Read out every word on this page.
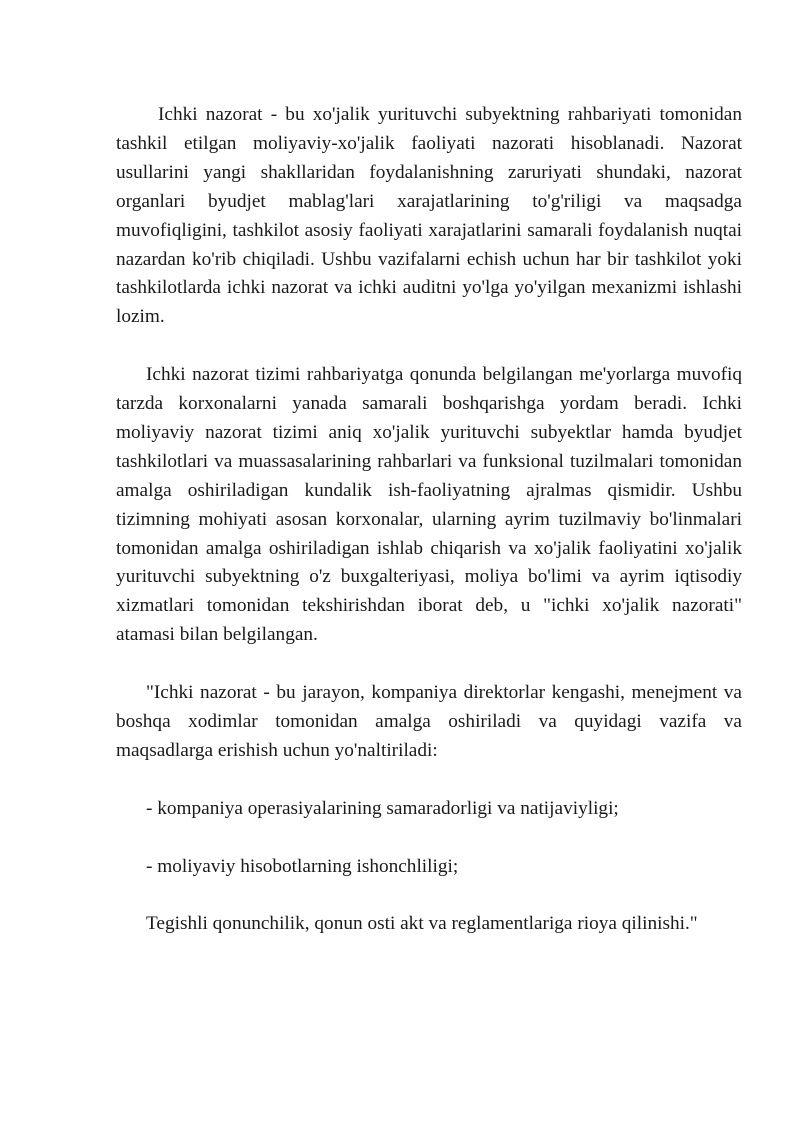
Ichki nazorat - bu xo'jalik yurituvchi subyektning rahbariyati tomonidan tashkil etilgan moliyaviy-xo'jalik faoliyati nazorati hisoblanadi. Nazorat usullarini yangi shakllaridan foydalanishning zaruriyati shundaki, nazorat organlari byudjet mablag'lari xarajatlarining to'g'riligi va maqsadga muvofiqligini, tashkilot asosiy faoliyati xarajatlarini samarali foydalanish nuqtai nazardan ko'rib chiqiladi. Ushbu vazifalarni echish uchun har bir tashkilot yoki tashkilotlarda ichki nazorat va ichki auditni yo'lga yo'yilgan mexanizmi ishlashi lozim.

Ichki nazorat tizimi rahbariyatga qonunda belgilangan me'yorlarga muvofiq tarzda korxonalarni yanada samarali boshqarishga yordam beradi. Ichki moliyaviy nazorat tizimi aniq xo'jalik yurituvchi subyektlar hamda byudjet tashkilotlari va muassasalarining rahbarlari va funksional tuzilmalari tomonidan amalga oshiriladigan kundalik ish-faoliyatning ajralmas qismidir. Ushbu tizimning mohiyati asosan korxonalar, ularning ayrim tuzilmaviy bo'linmalari tomonidan amalga oshiriladigan ishlab chiqarish va xo'jalik faoliyatini xo'jalik yurituvchi subyektning o'z buxgalteriyasi, moliya bo'limi va ayrim iqtisodiy xizmatlari tomonidan tekshirishdan iborat deb, u "ichki xo'jalik nazorati" atamasi bilan belgilangan.

"Ichki nazorat - bu jarayon, kompaniya direktorlar kengashi, menejment va boshqa xodimlar tomonidan amalga oshiriladi va quyidagi vazifa va maqsadlarga erishish uchun yo'naltiriladi:

- kompaniya operasiyalarining samaradorligi va natijaviyligi;

- moliyaviy hisobotlarning ishonchliligi;

Tegishli qonunchilik, qonun osti akt va reglamentlariga rioya qilinishi."
